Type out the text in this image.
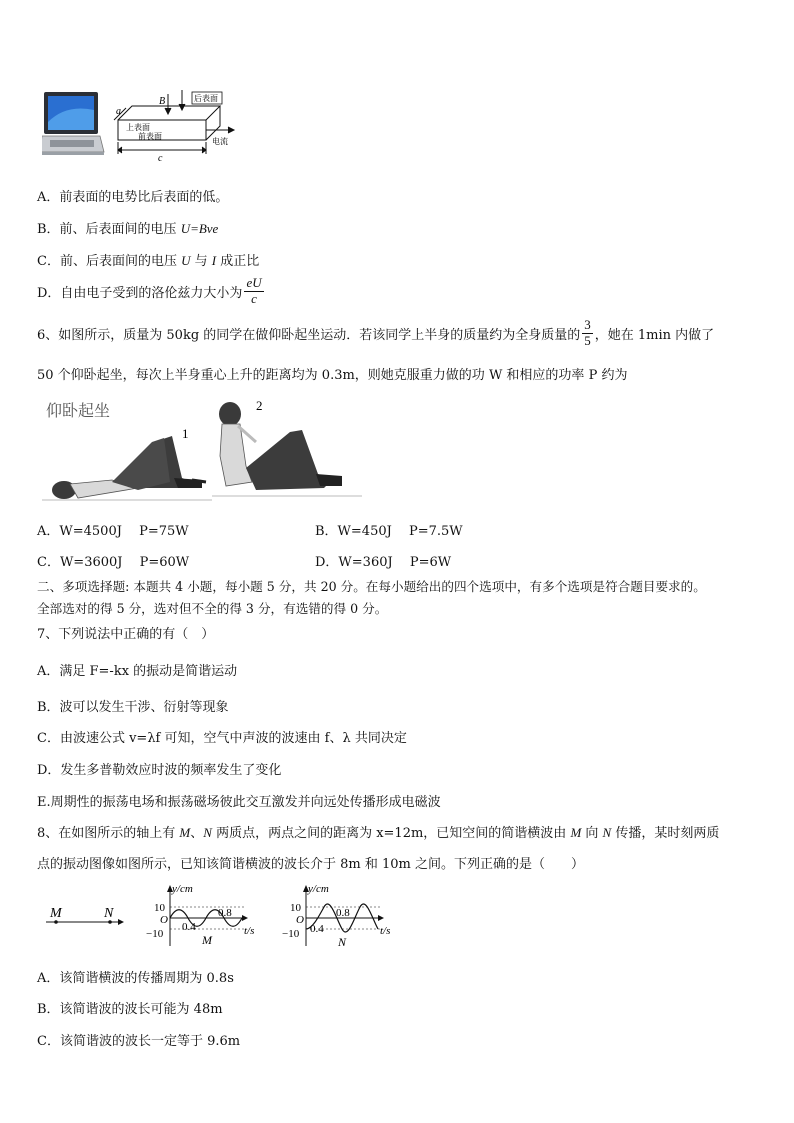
a
B	后表面
上表面
前表面
c
电流
A．前表面的电势比后表面的低。
B．前、后表面间的电压 U=Bve
C．前、后表面间的电压 U 与 I 成正比
D．自由电子受到的洛伦兹力大小为 $\frac{eU}{c}$
6、如图所示，质量为 50kg 的同学在做仰卧起坐运动．若该同学上半身的质量约为全身质量的 $\frac{3}{5}$ ，她在 1min 内做了
50 个仰卧起坐，每次上半身重心上升的距离均为 0.3m，则她克服重力做的功 W 和相应的功率 P 约为
仰卧起坐
1
2
A．W=4500J　 P=75W	B．W=450J　 P=7.5W
C．W=3600J　 P=60W	D．W=360J　 P=6W
二、多项选择题: 本题共 4 小题，每小题 5 分，共 20 分。在每小题给出的四个选项中，有多个选项是符合题目要求的。
全部选对的得 5 分，选对但不全的得 3 分，有选错的得 0 分。
7、下列说法中正确的有（　）
A．满足 F=-kx 的振动是简谐运动
B．波可以发生干涉、衍射等现象
C．由波速公式 v=λf 可知，空气中声波的波速由 f、λ 共同决定
D．发生多普勒效应时波的频率发生了变化
E.周期性的振荡电场和振荡磁场彼此交互激发并向远处传播形成电磁波
8、在如图所示的轴上有 M、N 两质点，两点之间的距离为 x=12m，已知空间的简谐横波由 M 向 N 传播，某时刻两质
点的振动图像如图所示，已知该简谐横波的波长介于 8m 和 10m 之间。下列正确的是（　　）
M	N
y/cm
10
O
−10
0.4
0.8
t/s
M
y/cm
10
O
−10 0.4
0.8
t/s
N
A．该简谐横波的传播周期为 0.8s
B．该简谐波的波长可能为 48m
C．该简谐波的波长一定等于 9.6m
